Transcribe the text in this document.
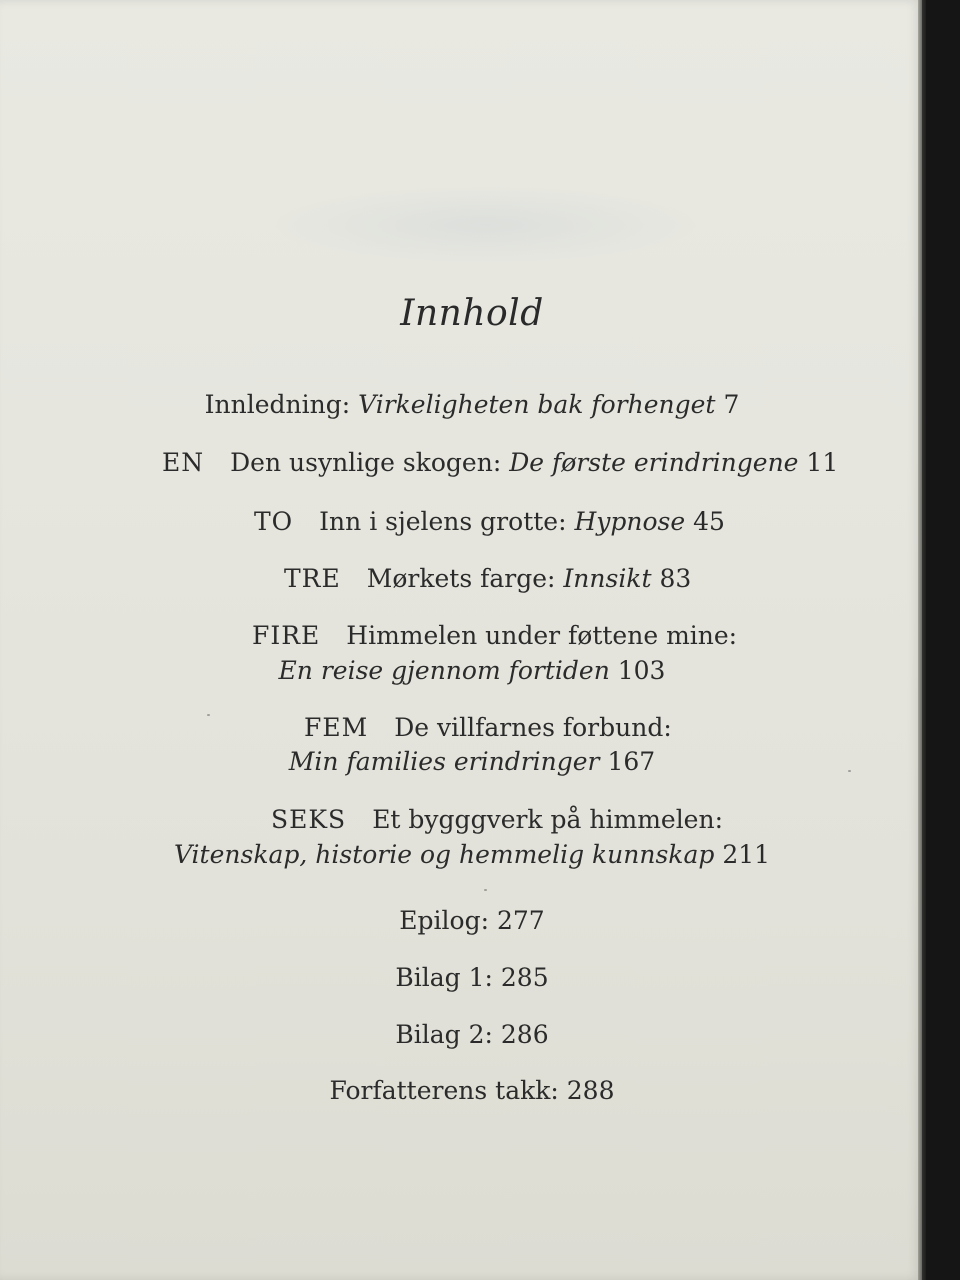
Innhold
Innledning: Virkeligheten bak forhenget 7
EN Den usynlige skogen: De første erindringene 11
TO Inn i sjelens grotte: Hypnose 45
TRE Mørkets farge: Innsikt 83
FIRE Himmelen under føttene mine:
En reise gjennom fortiden 103
FEM De villfarnes forbund:
Min families erindringer 167
SEKS Et bygggverk på himmelen:
Vitenskap, historie og hemmelig kunnskap 211
Epilog: 277
Bilag 1: 285
Bilag 2: 286
Forfatterens takk: 288
